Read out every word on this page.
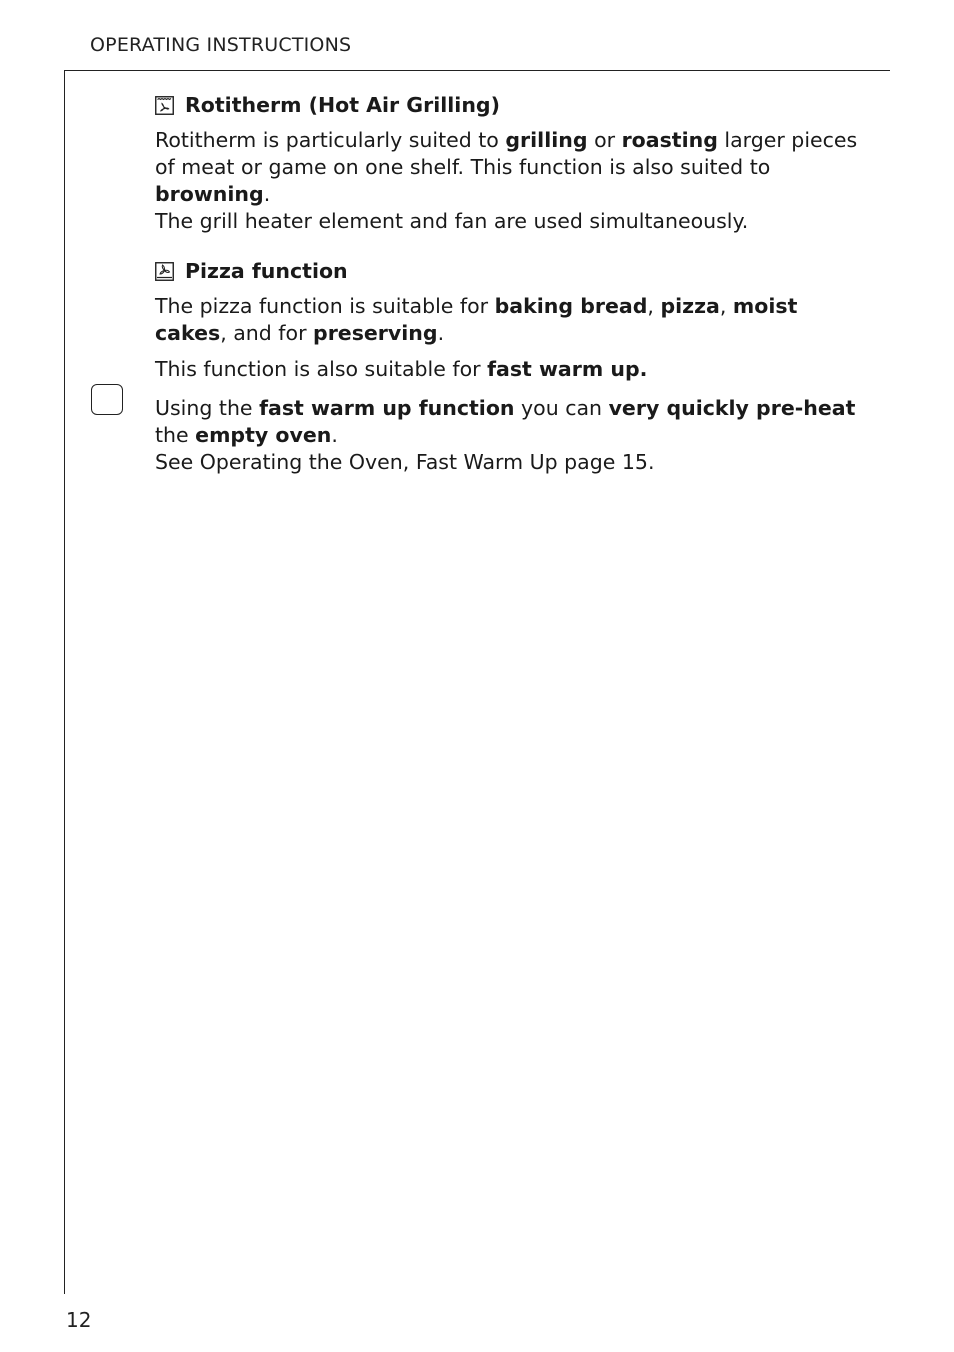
OPERATING INSTRUCTIONS
Rotitherm (Hot Air Grilling)

Rotitherm is particularly suited to grilling or roasting larger pieces of meat or game on one shelf. This function is also suited to browning.
The grill heater element and fan are used simultaneously.

Pizza function

The pizza function is suitable for baking bread, pizza, moist cakes, and for preserving.

This function is also suitable for fast warm up.

Using the fast warm up function you can very quickly pre-heat the empty oven.
See Operating the Oven, Fast Warm Up page 15.

12
